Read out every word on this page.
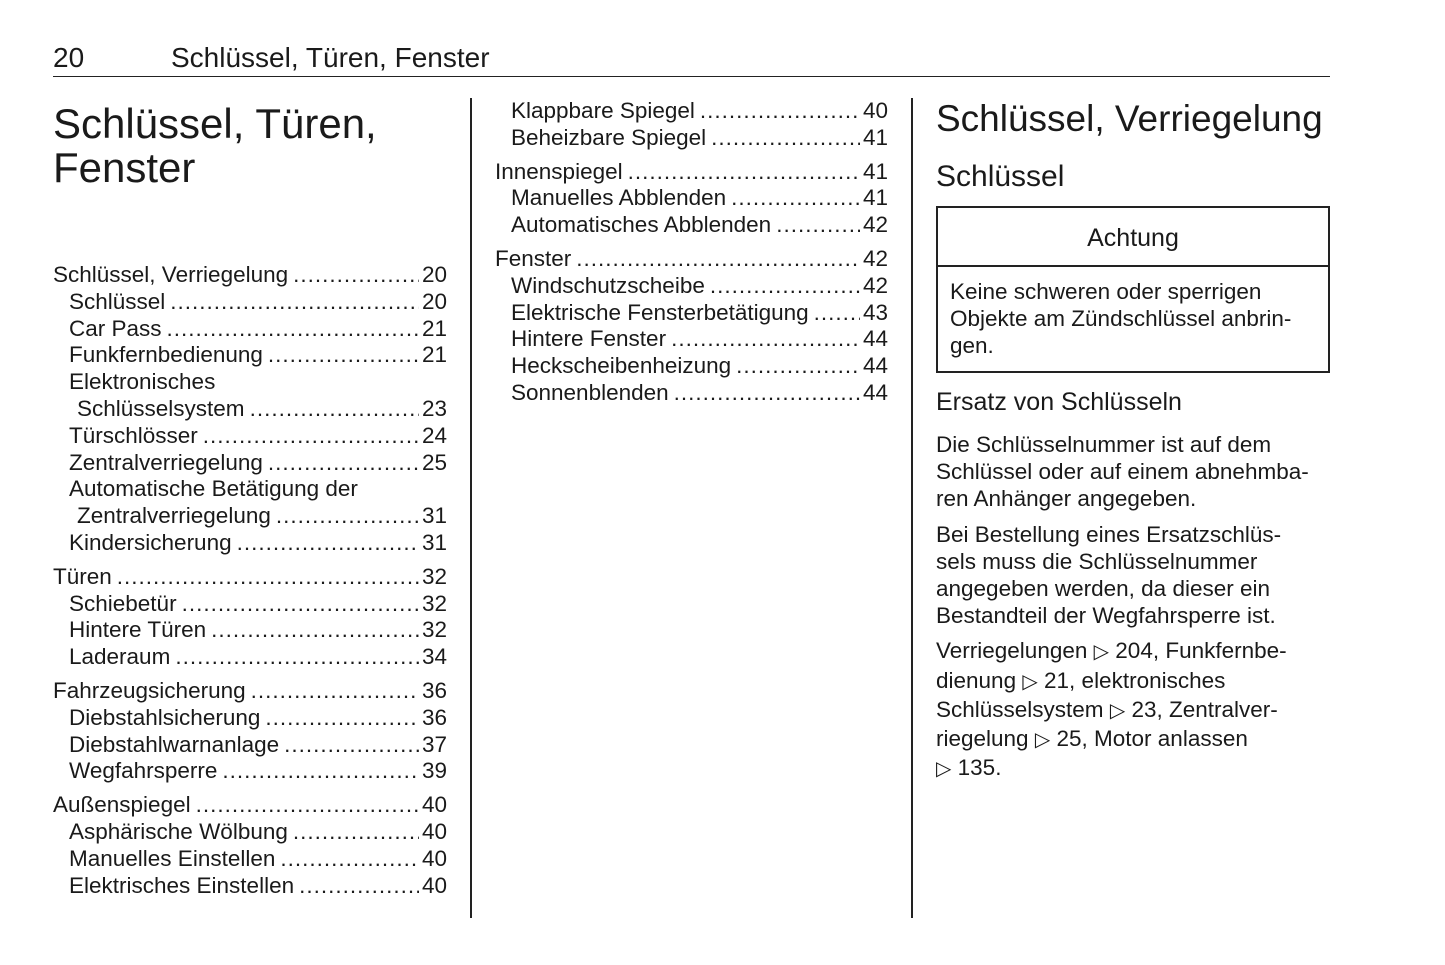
20	Schlüssel, Türen, Fenster
Schlüssel, Türen,
Fenster
Schlüssel, Verriegelung .....	20
Schlüssel .....	20
Car Pass .....	21
Funkfernbedienung .....	21
Elektronisches
Schlüsselsystem .....	23
Türschlösser .....	24
Zentralverriegelung .....	25
Automatische Betätigung der
Zentralverriegelung .....	31
Kindersicherung .....	31
Türen .....	32
Schiebetür .....	32
Hintere Türen .....	32
Laderaum .....	34
Fahrzeugsicherung .....	36
Diebstahlsicherung .....	36
Diebstahlwarnanlage .....	37
Wegfahrsperre .....	39
Außenspiegel .....	40
Asphärische Wölbung .....	40
Manuelles Einstellen .....	40
Elektrisches Einstellen .....	40
Klappbare Spiegel .....	40
Beheizbare Spiegel .....	41
Innenspiegel .....	41
Manuelles Abblenden .....	41
Automatisches Abblenden .....	42
Fenster .....	42
Windschutzscheibe .....	42
Elektrische Fensterbetätigung ..... 43
Hintere Fenster .....	44
Heckscheibenheizung .....	44
Sonnenblenden .....	44
Schlüssel, Verriegelung
Schlüssel
Achtung
Keine schweren oder sperrigen
Objekte am Zündschlüssel anbrin-
gen.
Ersatz von Schlüsseln

Die Schlüsselnummer ist auf dem
Schlüssel oder auf einem abnehmba-
ren Anhänger angegeben.

Bei Bestellung eines Ersatzschlüs-
sels muss die Schlüsselnummer
angegeben werden, da dieser ein
Bestandteil der Wegfahrsperre ist.

Verriegelungen ▷ 204, Funkfernbe-
dienung ▷ 21, elektronisches
Schlüsselsystem ▷ 23, Zentralver-
riegelung ▷ 25, Motor anlassen
▷ 135.
